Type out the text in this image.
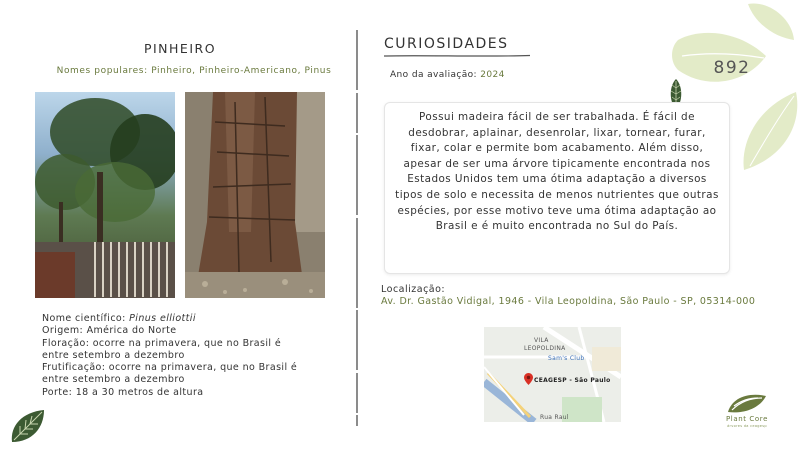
892
PINHEIRO
Nomes populares: Pinheiro, Pinheiro-Americano, Pinus
Nome científico: Pinus elliottii
Origem: América do Norte
Floração: ocorre na primavera, que no Brasil é
entre setembro a dezembro
Frutificação: ocorre na primavera, que no Brasil é
entre setembro a dezembro
Porte: 18 a 30 metros de altura
CURIOSIDADES
Ano da avaliação: 2024
Possui madeira fácil de ser trabalhada. É fácil de desdobrar, aplainar, desenrolar, lixar, tornear, furar, fixar, colar e permite bom acabamento. Além disso, apesar de ser uma árvore tipicamente encontrada nos Estados Unidos tem uma ótima adaptação a diversos tipos de solo e necessita de menos nutrientes que outras espécies, por esse motivo teve uma ótima adaptação ao Brasil e é muito encontrada no Sul do País.
Localização:
Av. Dr. Gastão Vidigal, 1946 - Vila Leopoldina, São Paulo - SP, 05314-000
VILA
LEOPOLDINA
Sam's Club
CEAGESP - São Paulo
Rua Raul	Plant Core
árvores da ceagesp
